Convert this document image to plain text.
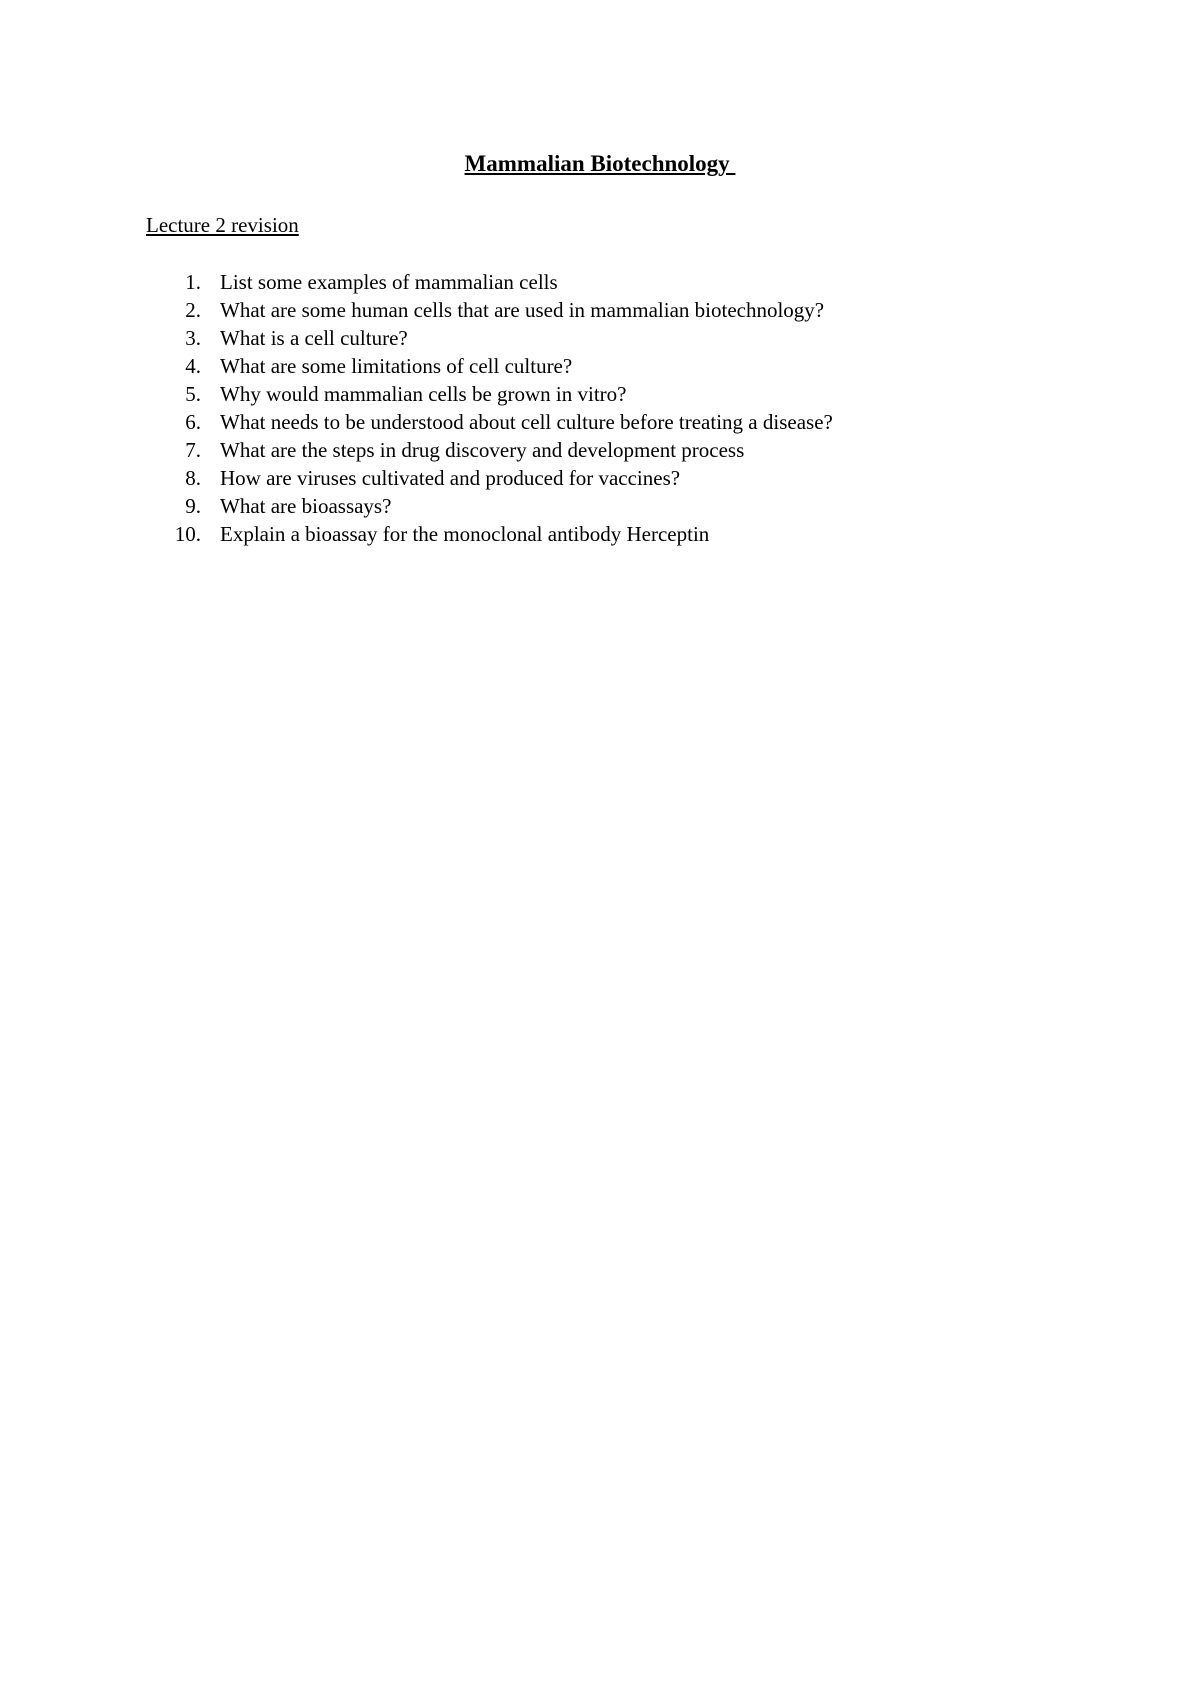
Mammalian Biotechnology
Lecture 2 revision
1. List some examples of mammalian cells
2. What are some human cells that are used in mammalian biotechnology?
3. What is a cell culture?
4. What are some limitations of cell culture?
5. Why would mammalian cells be grown in vitro?
6. What needs to be understood about cell culture before treating a disease?
7. What are the steps in drug discovery and development process
8. How are viruses cultivated and produced for vaccines?
9. What are bioassays?
10. Explain a bioassay for the monoclonal antibody Herceptin
